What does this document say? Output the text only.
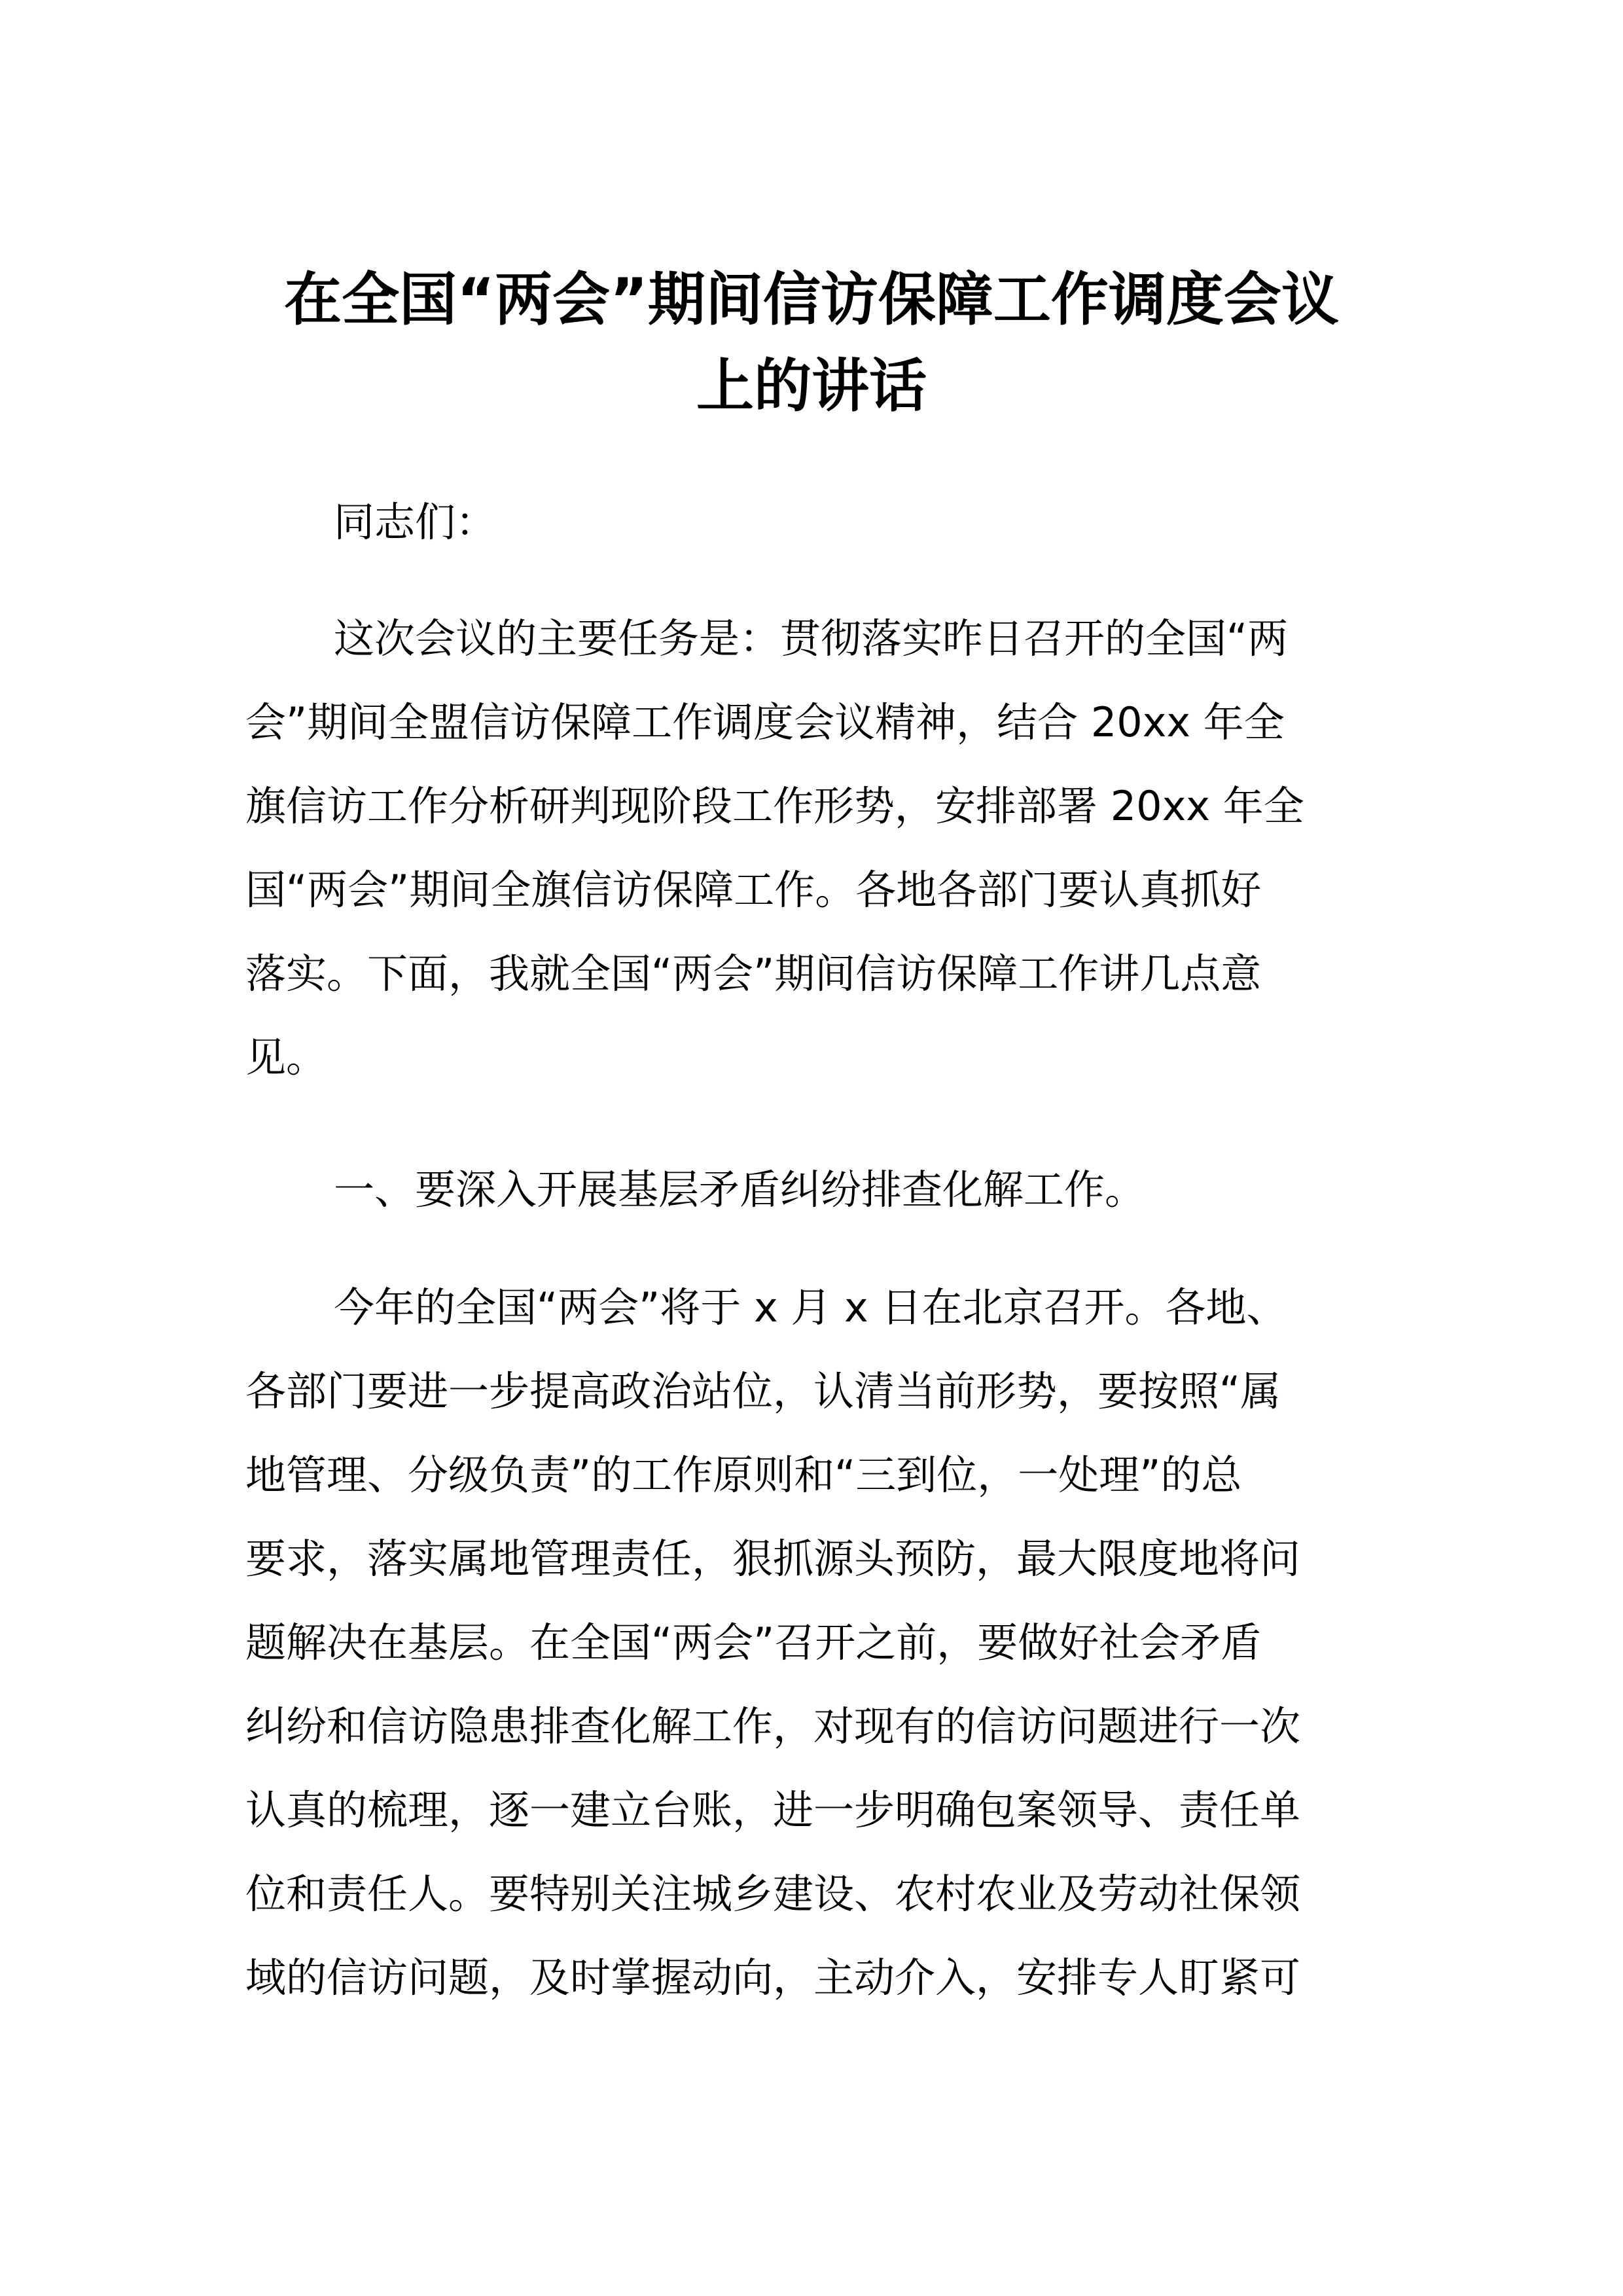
在全国“两会”期间信访保障工作调度会议
上的讲话

同志们：

这次会议的主要任务是：贯彻落实昨日召开的全国“两

会”期间全盟信访保障工作调度会议精神，结合 20xx 年全

旗信访工作分析研判现阶段工作形势，安排部署 20xx 年全

国“两会”期间全旗信访保障工作。各地各部门要认真抓好

落实。下面，我就全国“两会”期间信访保障工作讲几点意

见。

一、要深入开展基层矛盾纠纷排查化解工作。

今年的全国“两会”将于 x 月 x 日在北京召开。各地、

各部门要进一步提高政治站位，认清当前形势，要按照“属

地管理、分级负责”的工作原则和“三到位，一处理”的总

要求，落实属地管理责任，狠抓源头预防，最大限度地将问

题解决在基层。在全国“两会”召开之前，要做好社会矛盾

纠纷和信访隐患排查化解工作，对现有的信访问题进行一次

认真的梳理，逐一建立台账，进一步明确包案领导、责任单

位和责任人。要特别关注城乡建设、农村农业及劳动社保领

域的信访问题，及时掌握动向，主动介入，安排专人盯紧可
